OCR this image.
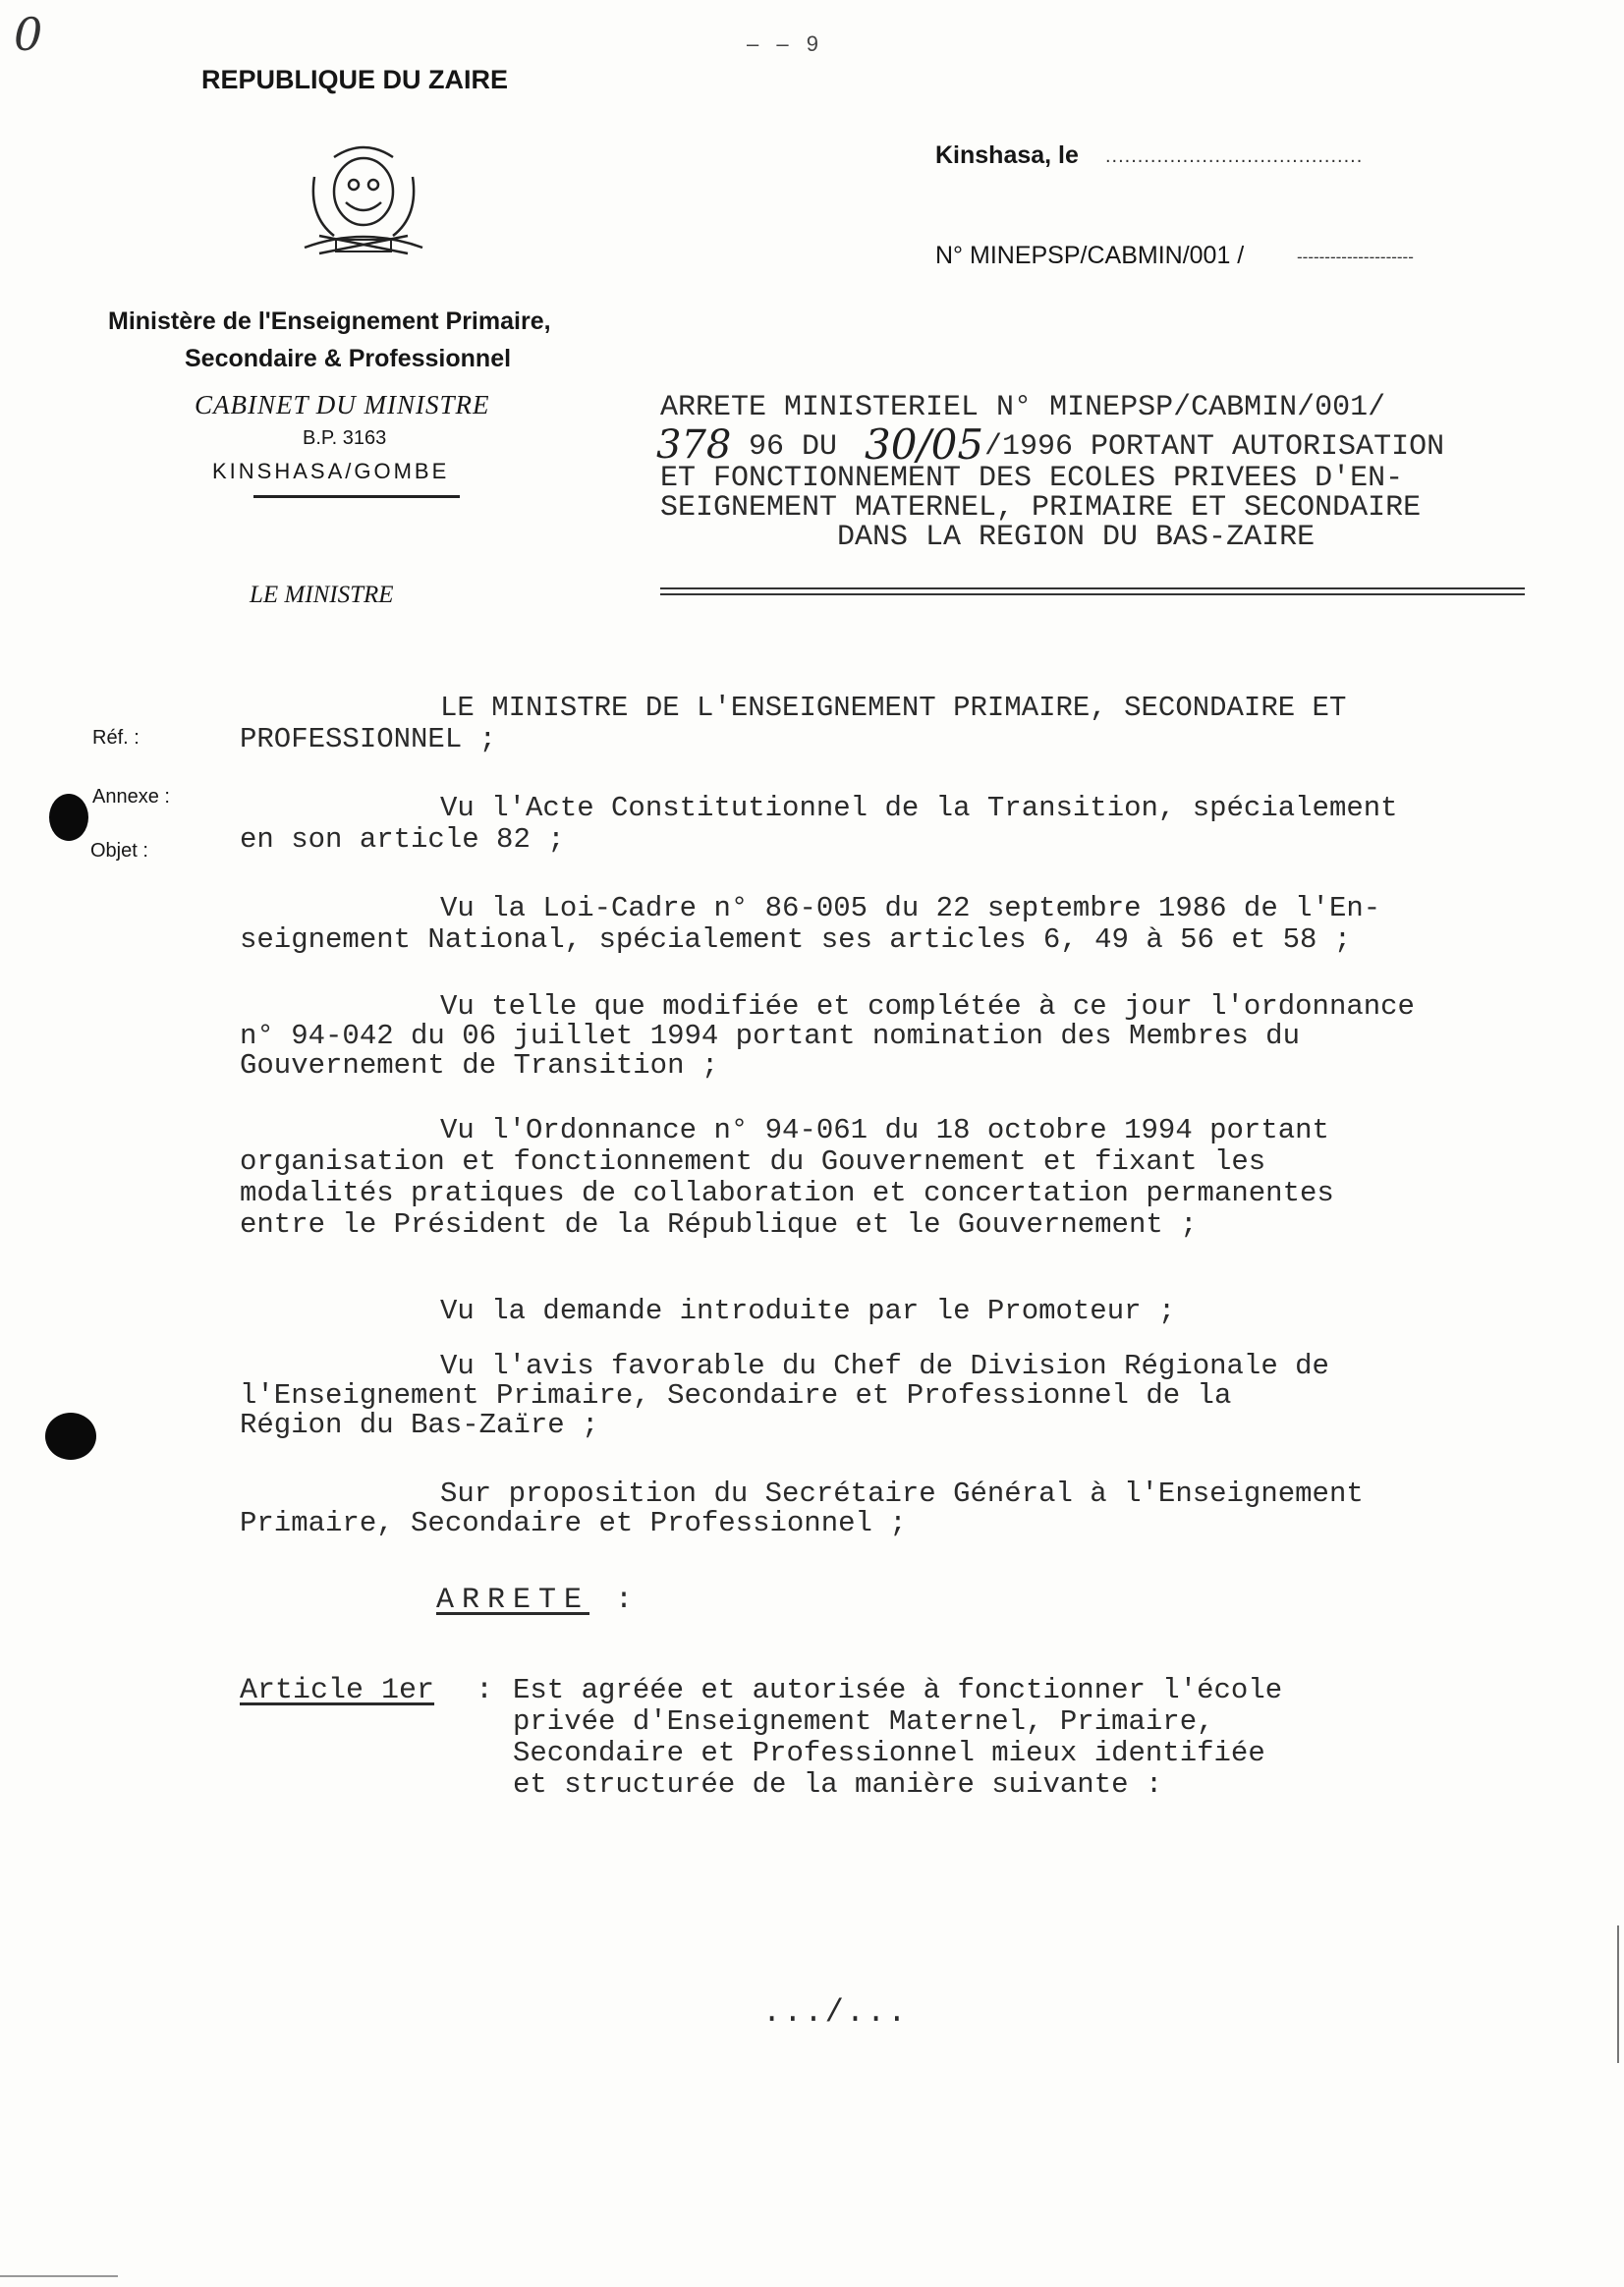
0	‒ ‒ 9
REPUBLIQUE DU ZAIRE
Ministère de l'Enseignement Primaire,
Secondaire & Professionnel
CABINET DU MINISTRE
B.P. 3163
KINSHASA/GOMBE
LE MINISTRE
Kinshasa, le ........................................
N° MINEPSP/CABMIN/001 /	---------------------
ARRETE MINISTERIEL N° MINEPSP/CABMIN/001/
378 96 DU 30/05 /1996 PORTANT AUTORISATION
ET FONCTIONNEMENT DES ECOLES PRIVEES D'EN-
SEIGNEMENT MATERNEL, PRIMAIRE ET SECONDAIRE
DANS LA REGION DU BAS-ZAIRE
Réf. :
Annexe :
Objet :
LE MINISTRE DE L'ENSEIGNEMENT PRIMAIRE, SECONDAIRE ET
PROFESSIONNEL ;
Vu l'Acte Constitutionnel de la Transition, spécialement
en son article 82 ;
Vu la Loi-Cadre n° 86-005 du 22 septembre 1986 de l'En-
seignement National, spécialement ses articles 6, 49 à 56 et 58 ;
Vu telle que modifiée et complétée à ce jour l'ordonnance
n° 94-042 du 06 juillet 1994 portant nomination des Membres du
Gouvernement de Transition ;
Vu l'Ordonnance n° 94-061 du 18 octobre 1994 portant
organisation et fonctionnement du Gouvernement et fixant les
modalités pratiques de collaboration et concertation permanentes
entre le Président de la République et le Gouvernement ;
Vu la demande introduite par le Promoteur ;
Vu l'avis favorable du Chef de Division Régionale de
l'Enseignement Primaire, Secondaire et Professionnel de la
Région du Bas-Zaïre ;
Sur proposition du Secrétaire Général à l'Enseignement
Primaire, Secondaire et Professionnel ;
ARRETE :
Article 1er : Est agréée et autorisée à fonctionner l'école
privée d'Enseignement Maternel, Primaire,
Secondaire et Professionnel mieux identifiée
et structurée de la manière suivante :
.../...
